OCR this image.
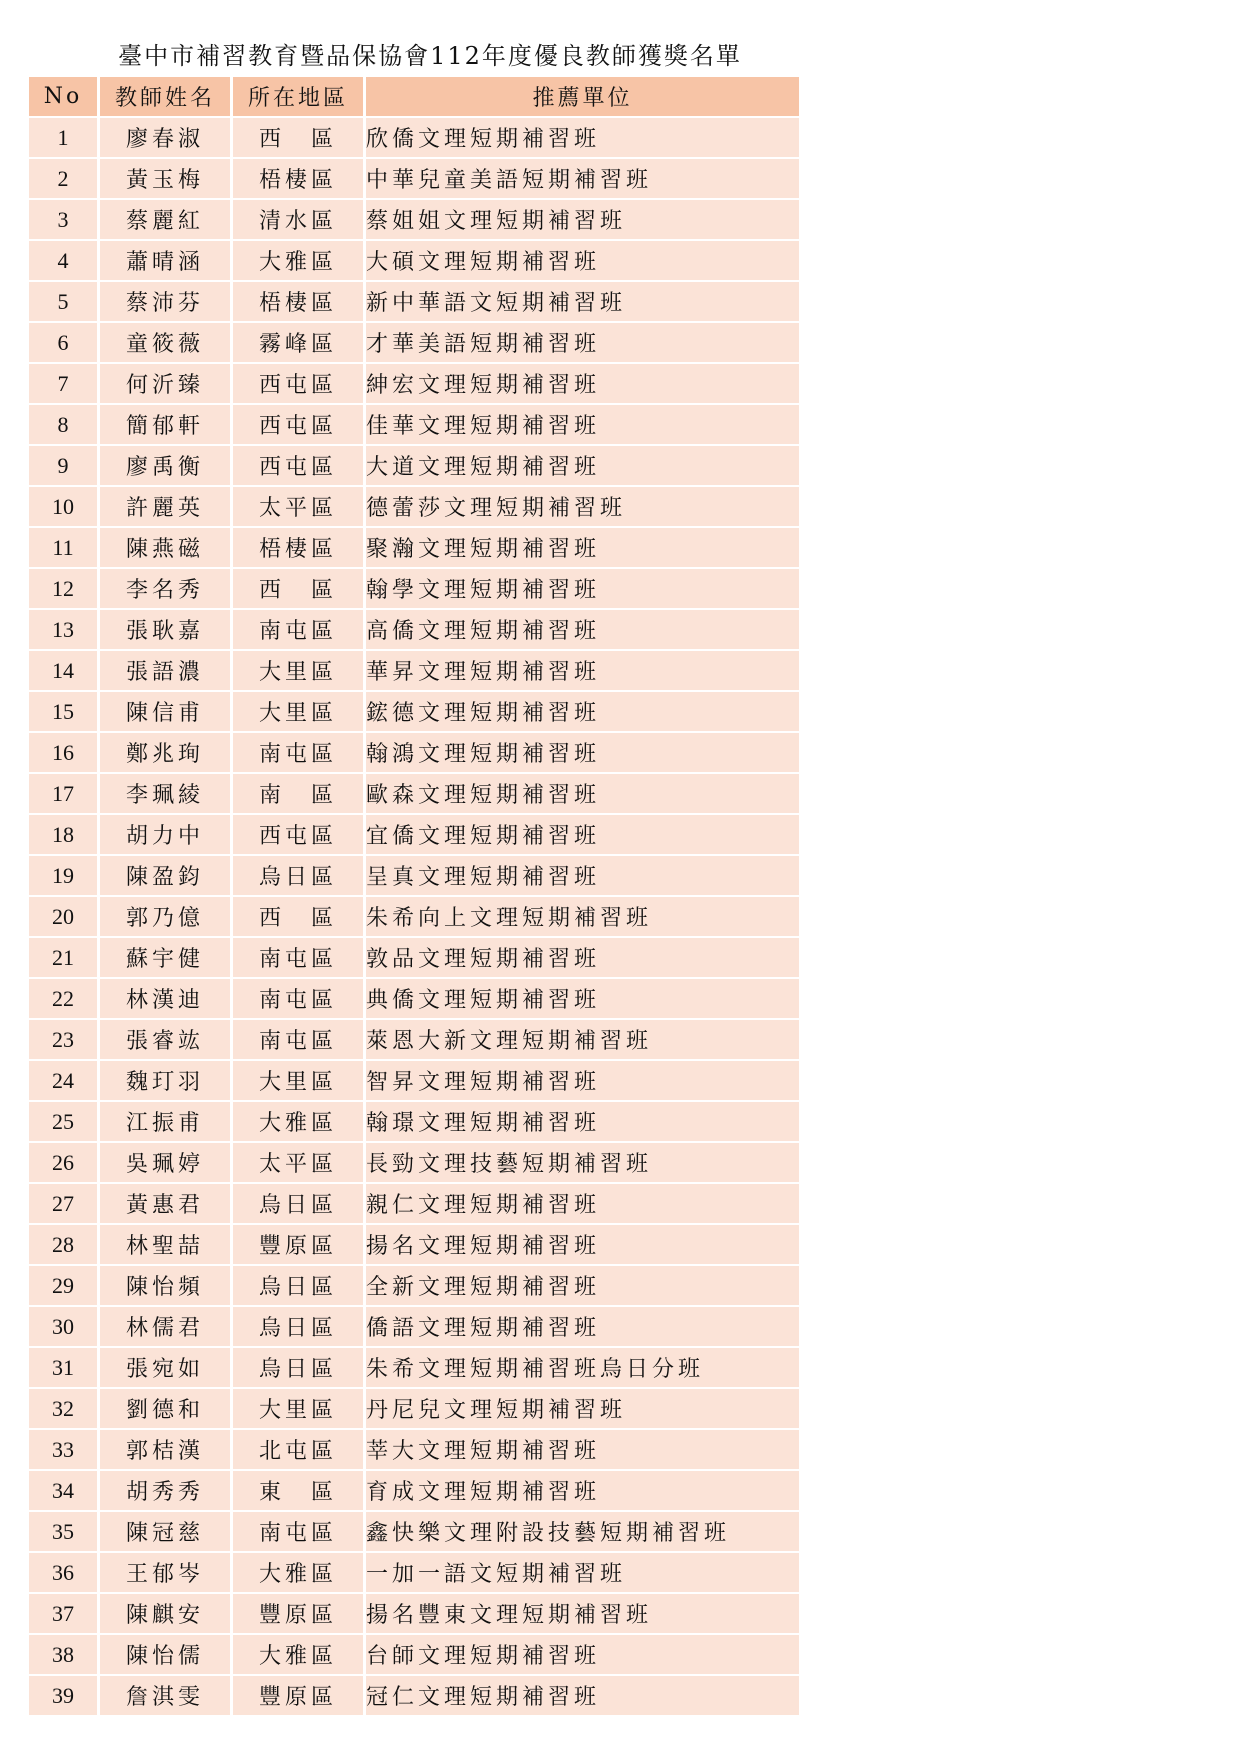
臺中市補習教育暨品保協會112年度優良教師獲獎名單
No	教師姓名	所在地區	推薦單位
1	廖春淑	西　區	欣僑文理短期補習班
2	黃玉梅	梧棲區	中華兒童美語短期補習班
3	蔡麗紅	清水區	蔡姐姐文理短期補習班
4	蕭晴涵	大雅區	大碩文理短期補習班
5	蔡沛芬	梧棲區	新中華語文短期補習班
6	童筱薇	霧峰區	才華美語短期補習班
7	何沂臻	西屯區	紳宏文理短期補習班
8	簡郁軒	西屯區	佳華文理短期補習班
9	廖禹衡	西屯區	大道文理短期補習班
10	許麗英	太平區	德蕾莎文理短期補習班
11	陳燕磁	梧棲區	聚瀚文理短期補習班
12	李名秀	西　區	翰學文理短期補習班
13	張耿嘉	南屯區	高僑文理短期補習班
14	張語濃	大里區	華昇文理短期補習班
15	陳信甫	大里區	鋐德文理短期補習班
16	鄭兆珣	南屯區	翰鴻文理短期補習班
17	李珮綾	南　區	歐森文理短期補習班
18	胡力中	西屯區	宜僑文理短期補習班
19	陳盈鈞	烏日區	呈真文理短期補習班
20	郭乃億	西　區	朱希向上文理短期補習班
21	蘇宇健	南屯區	敦品文理短期補習班
22	林漢迪	南屯區	典僑文理短期補習班
23	張睿竑	南屯區	萊恩大新文理短期補習班
24	魏玎羽	大里區	智昇文理短期補習班
25	江振甫	大雅區	翰璟文理短期補習班
26	吳珮婷	太平區	長勁文理技藝短期補習班
27	黃惠君	烏日區	親仁文理短期補習班
28	林聖喆	豐原區	揚名文理短期補習班
29	陳怡頻	烏日區	全新文理短期補習班
30	林儒君	烏日區	僑語文理短期補習班
31	張宛如	烏日區	朱希文理短期補習班烏日分班
32	劉德和	大里區	丹尼兒文理短期補習班
33	郭桔漢	北屯區	莘大文理短期補習班
34	胡秀秀	東　區	育成文理短期補習班
35	陳冠慈	南屯區	鑫快樂文理附設技藝短期補習班
36	王郁岑	大雅區	一加一語文短期補習班
37	陳麒安	豐原區	揚名豐東文理短期補習班
38	陳怡儒	大雅區	台師文理短期補習班
39	詹淇雯	豐原區	冠仁文理短期補習班
